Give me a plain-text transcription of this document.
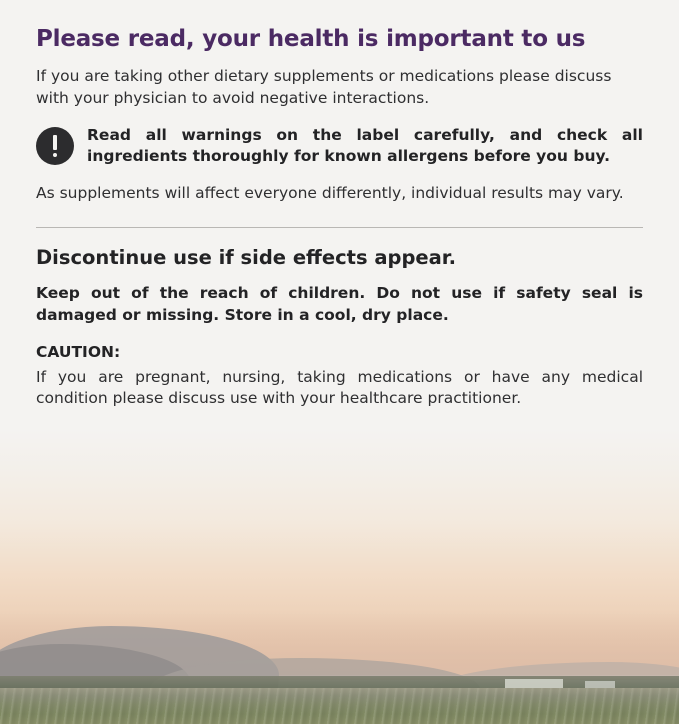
Please read, your health is important to us

If you are taking other dietary supplements or medications please discuss with your physician to avoid negative interactions.

Read all warnings on the label carefully, and check all ingredients thoroughly for known allergens before you buy.

As supplements will affect everyone differently, individual results may vary.

Discontinue use if side effects appear.

Keep out of the reach of children. Do not use if safety seal is damaged or missing. Store in a cool, dry place.

CAUTION:

If you are pregnant, nursing, taking medications or have any medical condition please discuss use with your healthcare practitioner.
